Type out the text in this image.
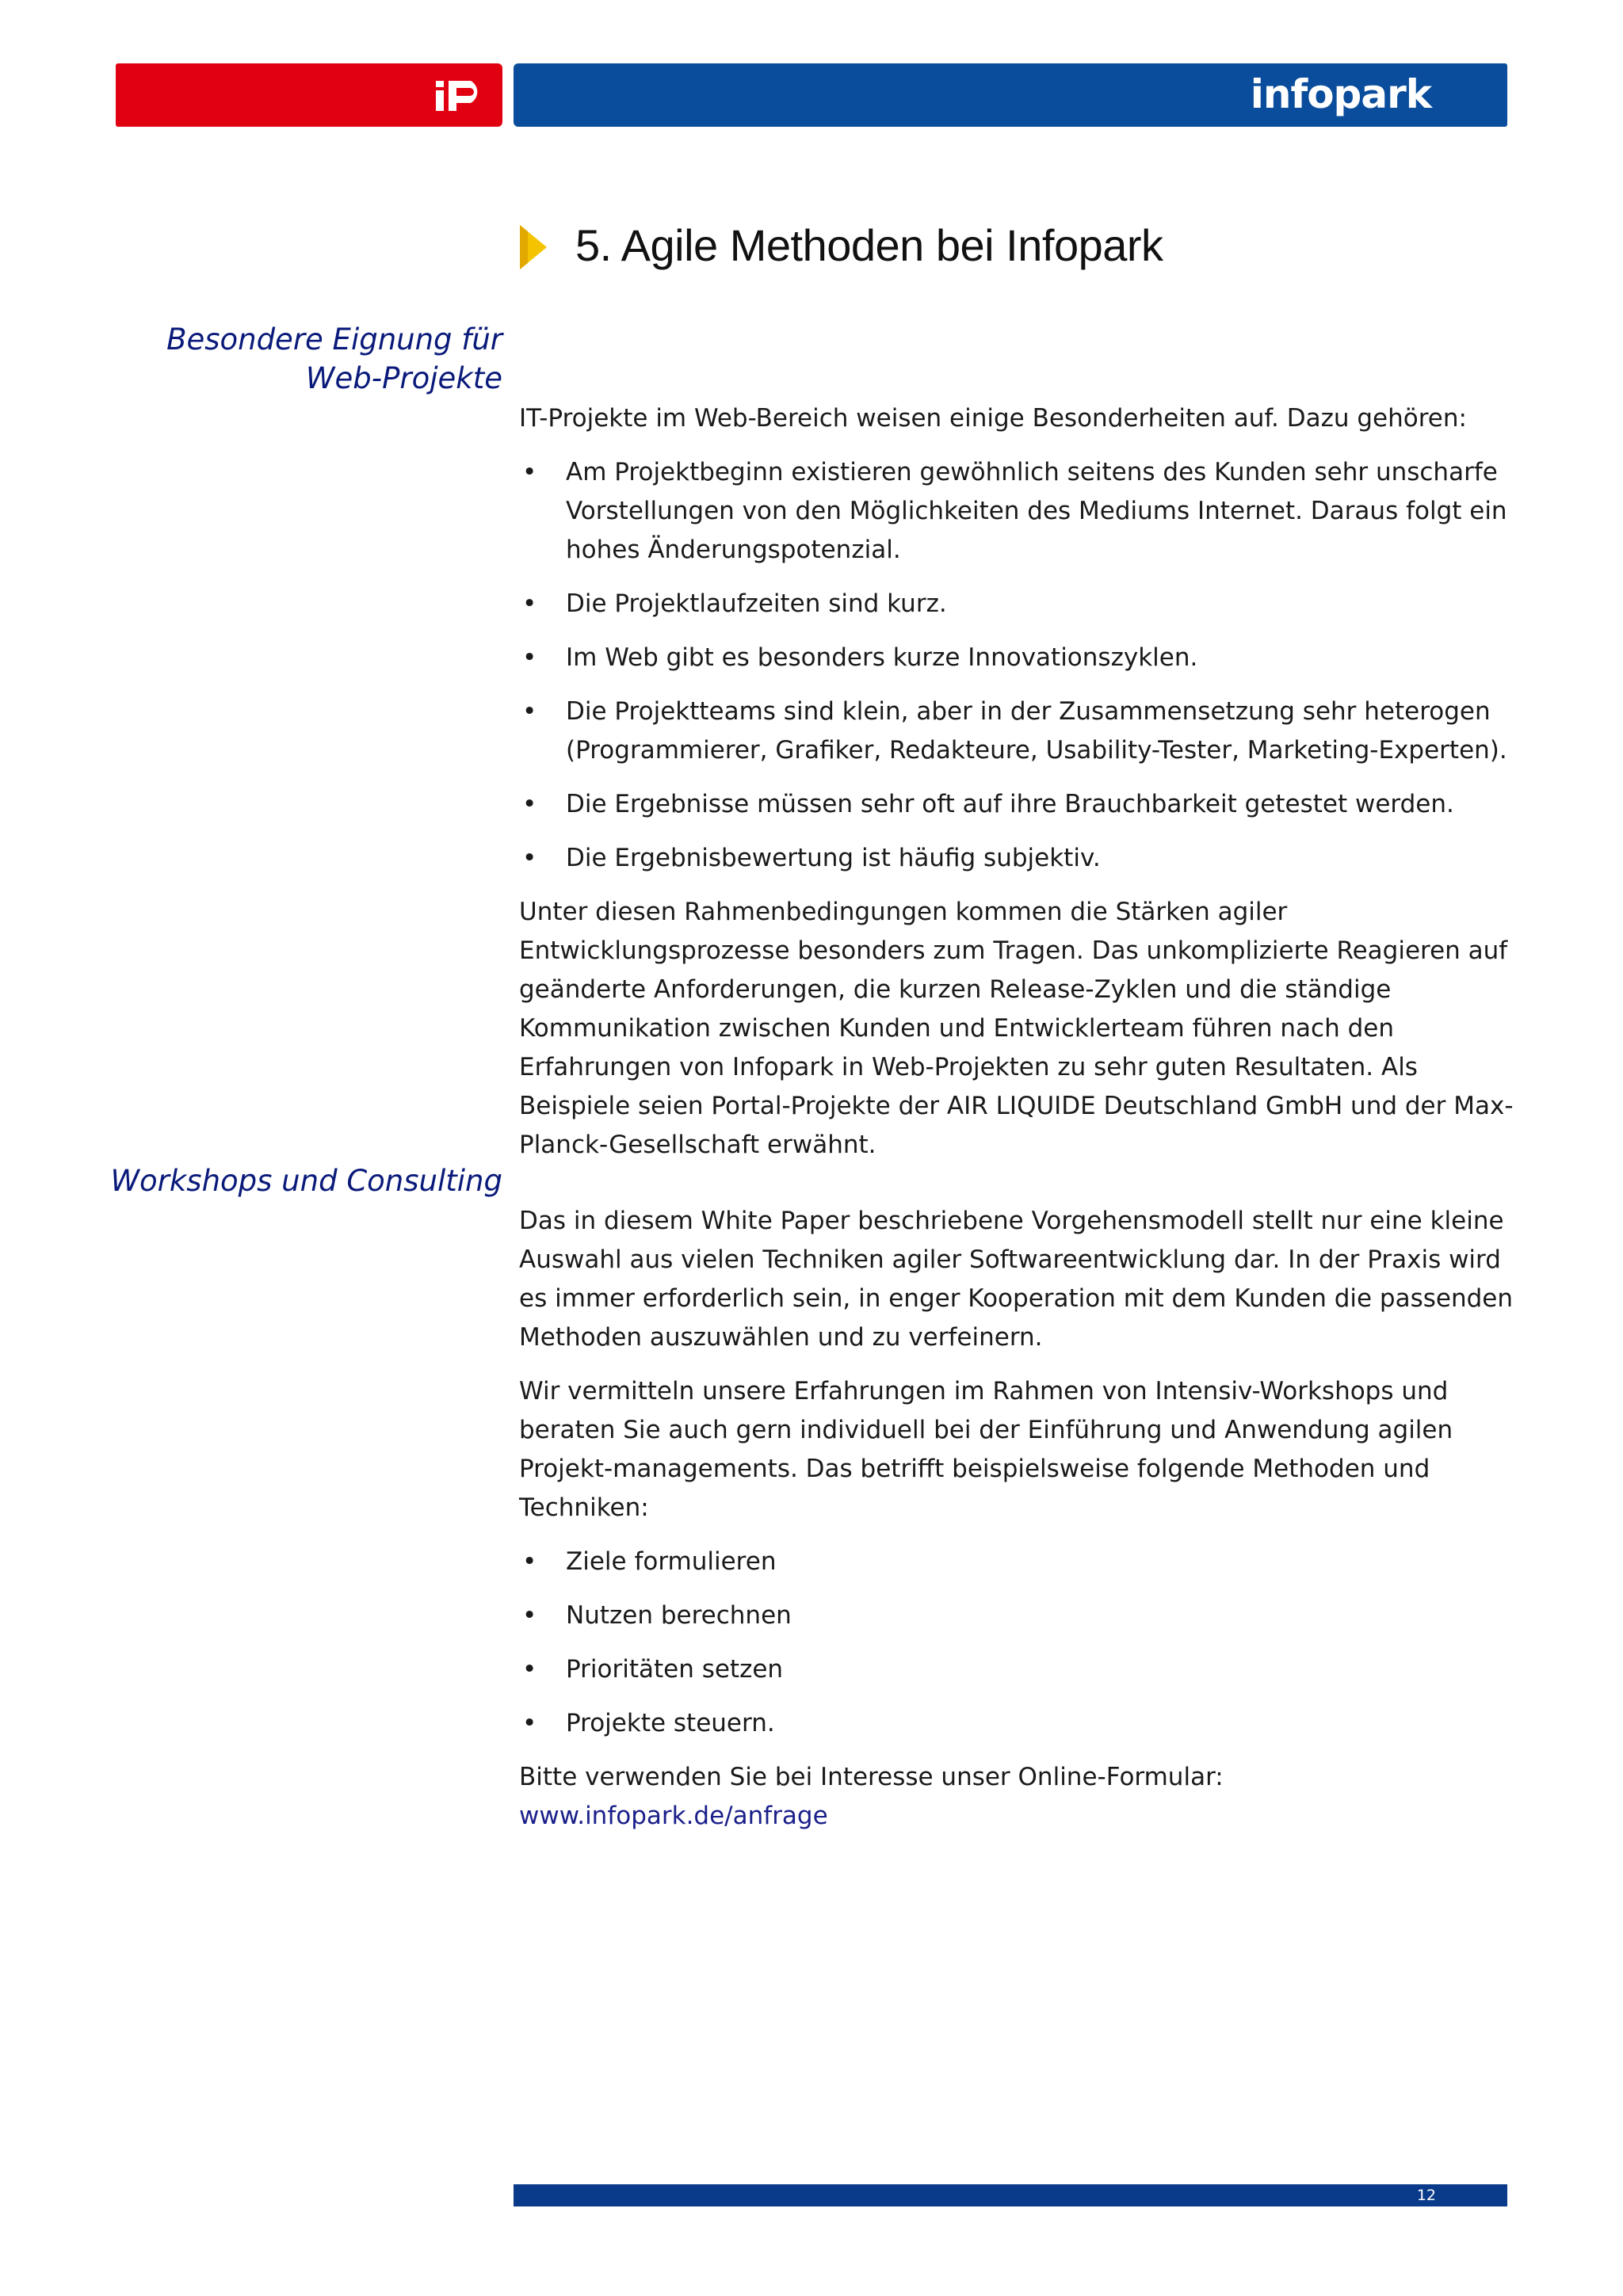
infopark
5. Agile Methoden bei Infopark
Besondere Eignung für
Web-Projekte

IT-Projekte im Web-Bereich weisen einige Besonderheiten auf. Dazu gehören:

• Am Projektbeginn existieren gewöhnlich seitens des Kunden sehr unscharfe Vorstellungen von den Möglichkeiten des Mediums Internet. Daraus folgt ein hohes Änderungspotenzial.
• Die Projektlaufzeiten sind kurz.
• Im Web gibt es besonders kurze Innovationszyklen.
• Die Projektteams sind klein, aber in der Zusammensetzung sehr heterogen (Programmierer, Grafiker, Redakteure, Usability-Tester, Marketing-Experten).
• Die Ergebnisse müssen sehr oft auf ihre Brauchbarkeit getestet werden.
• Die Ergebnisbewertung ist häufig subjektiv.

Unter diesen Rahmenbedingungen kommen die Stärken agiler Entwicklungsprozesse besonders zum Tragen. Das unkomplizierte Reagieren auf geänderte Anforderungen, die kurzen Release-Zyklen und die ständige Kommunikation zwischen Kunden und Entwicklerteam führen nach den Erfahrungen von Infopark in Web-Projekten zu sehr guten Resultaten. Als Beispiele seien Portal-Projekte der AIR LIQUIDE Deutschland GmbH und der Max-Planck-Gesellschaft erwähnt.

Workshops und Consulting

Das in diesem White Paper beschriebene Vorgehensmodell stellt nur eine kleine Auswahl aus vielen Techniken agiler Softwareentwicklung dar. In der Praxis wird es immer erforderlich sein, in enger Kooperation mit dem Kunden die passenden Methoden auszuwählen und zu verfeinern.

Wir vermitteln unsere Erfahrungen im Rahmen von Intensiv-Workshops und beraten Sie auch gern individuell bei der Einführung und Anwendung agilen Projekt-managements. Das betrifft beispielsweise folgende Methoden und Techniken:

• Ziele formulieren
• Nutzen berechnen
• Prioritäten setzen
• Projekte steuern.

Bitte verwenden Sie bei Interesse unser Online-Formular: www.infopark.de/anfrage

12
